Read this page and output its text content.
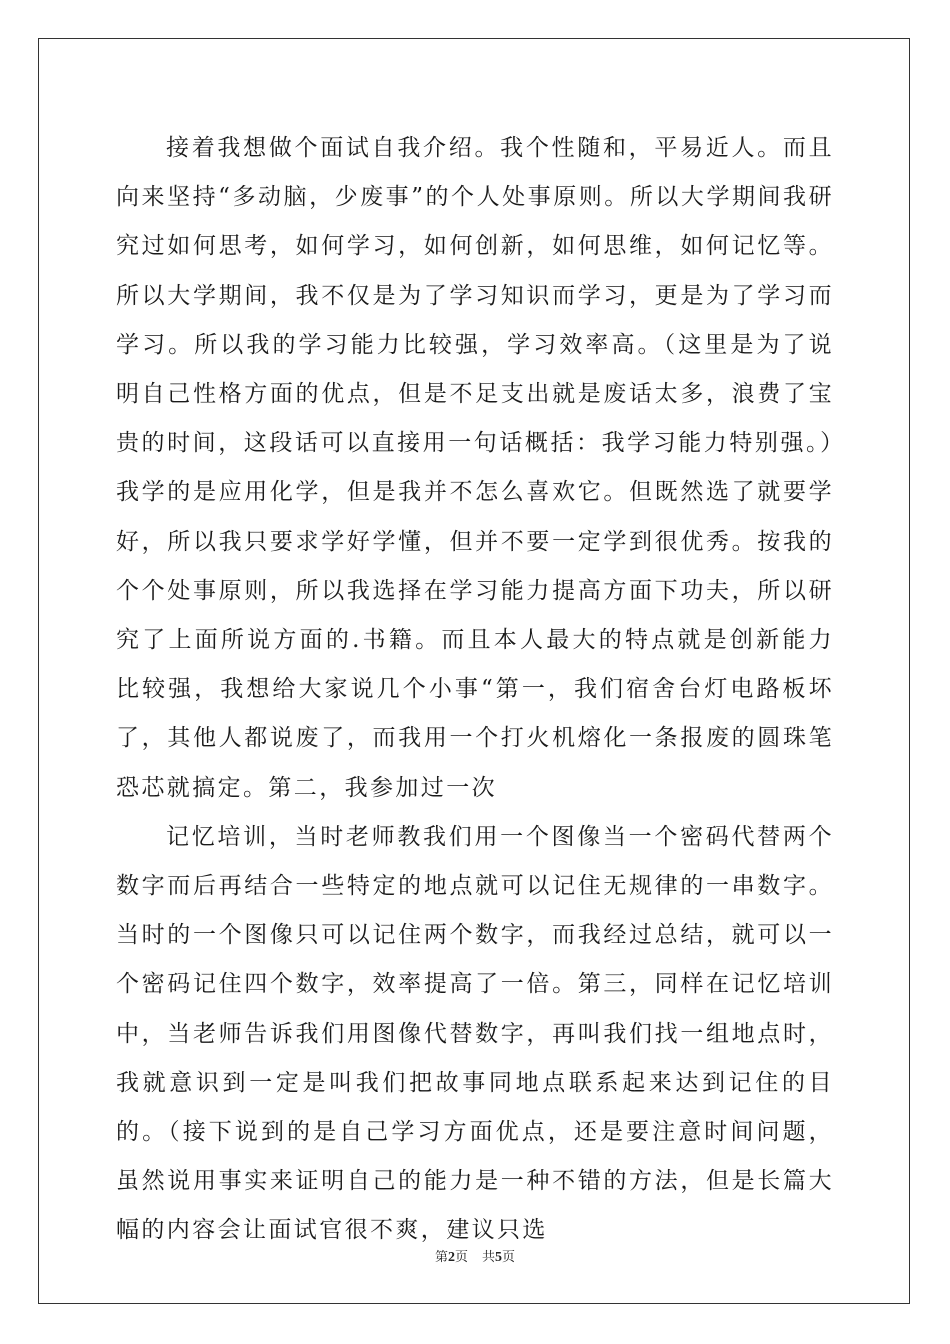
接着我想做个面试自我介绍。我个性随和，平易近人。而且向来坚持“多动脑，少废事”的个人处事原则。所以大学期间我研究过如何思考，如何学习，如何创新，如何思维，如何记忆等。所以大学期间，我不仅是为了学习知识而学习，更是为了学习而学习。所以我的学习能力比较强，学习效率高。（这里是为了说明自己性格方面的优点，但是不足支出就是废话太多，浪费了宝贵的时间，这段话可以直接用一句话概括：我学习能力特别强。）我学的是应用化学，但是我并不怎么喜欢它。但既然选了就要学好，所以我只要求学好学懂，但并不要一定学到很优秀。按我的个个处事原则，所以我选择在学习能力提高方面下功夫，所以研究了上面所说方面的.书籍。而且本人最大的特点就是创新能力比较强，我想给大家说几个小事“第一，我们宿舍台灯电路板坏了，其他人都说废了，而我用一个打火机熔化一条报废的圆珠笔恐芯就搞定。第二，我参加过一次

记忆培训，当时老师教我们用一个图像当一个密码代替两个数字而后再结合一些特定的地点就可以记住无规律的一串数字。当时的一个图像只可以记住两个数字，而我经过总结，就可以一个密码记住四个数字，效率提高了一倍。第三，同样在记忆培训中，当老师告诉我们用图像代替数字，再叫我们找一组地点时，我就意识到一定是叫我们把故事同地点联系起来达到记住的目的。（接下说到的是自己学习方面优点，还是要注意时间问题，虽然说用事实来证明自己的能力是一种不错的方法，但是长篇大幅的内容会让面试官很不爽，建议只选

第2页 共5页
